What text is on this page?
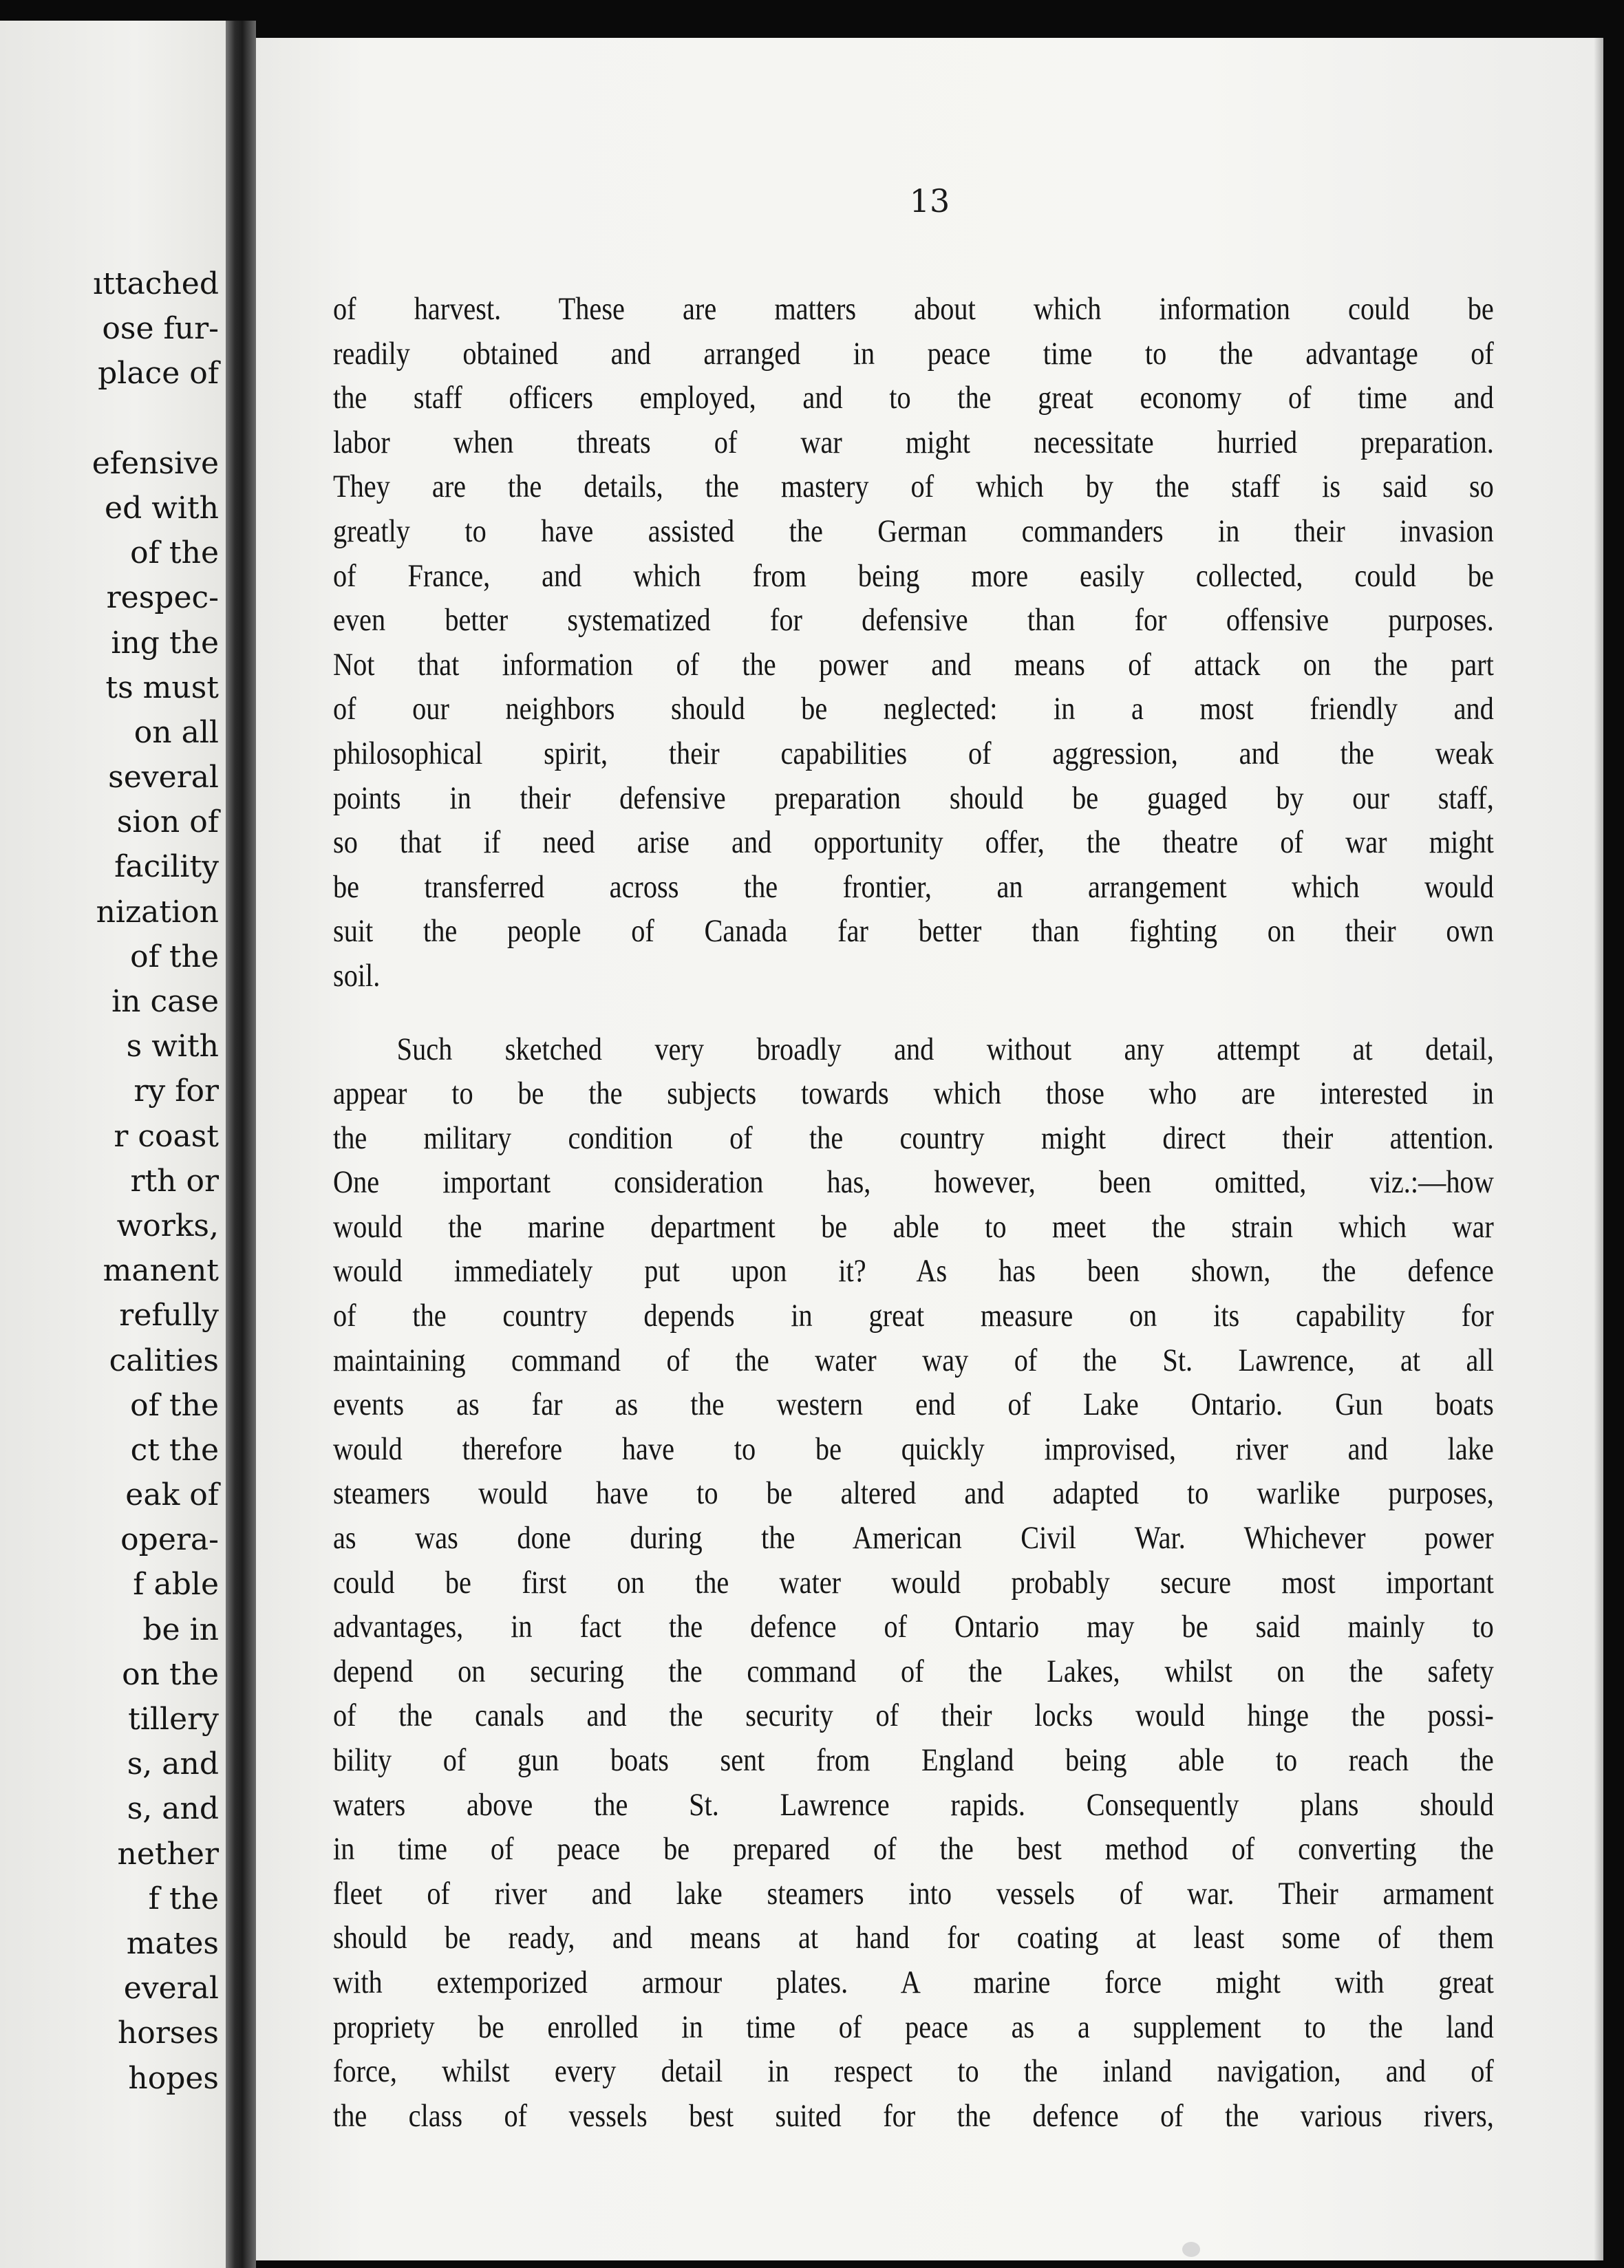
ıttached
ose fur-
place of
efensive
ed with
of the
respec-
ing the
ts must
on all
several
sion of
facility
nization
of the
in case
s with
ry for
r coast
rth or
works,
manent
refully
calities
of the
ct the
eak of
opera-
f able
be in
on the
tillery
s, and
s, and
nether
f the
mates
everal
horses
hopes
13
of harvest. These are matters about which information could be
readily obtained and arranged in peace time to the advantage of
the staff officers employed, and to the great economy of time and
labor when threats of war might necessitate hurried preparation.
They are the details, the mastery of which by the staff is said so
greatly to have assisted the German commanders in their invasion
of France, and which from being more easily collected, could be
even better systematized for defensive than for offensive purposes.
Not that information of the power and means of attack on the part
of our neighbors should be neglected: in a most friendly and
philosophical spirit, their capabilities of aggression, and the weak
points in their defensive preparation should be guaged by our staff,
so that if need arise and opportunity offer, the theatre of war might
be transferred across the frontier, an arrangement which would
suit the people of Canada far better than fighting on their own
soil.
Such sketched very broadly and without any attempt at detail,
appear to be the subjects towards which those who are interested in
the military condition of the country might direct their attention.
One important consideration has, however, been omitted, viz.:—how
would the marine department be able to meet the strain which war
would immediately put upon it? As has been shown, the defence
of the country depends in great measure on its capability for
maintaining command of the water way of the St. Lawrence, at all
events as far as the western end of Lake Ontario. Gun boats
would therefore have to be quickly improvised, river and lake
steamers would have to be altered and adapted to warlike purposes,
as was done during the American Civil War. Whichever power
could be first on the water would probably secure most important
advantages, in fact the defence of Ontario may be said mainly to
depend on securing the command of the Lakes, whilst on the safety
of the canals and the security of their locks would hinge the possi-
bility of gun boats sent from England being able to reach the
waters above the St. Lawrence rapids. Consequently plans should
in time of peace be prepared of the best method of converting the
fleet of river and lake steamers into vessels of war. Their armament
should be ready, and means at hand for coating at least some of them
with extemporized armour plates. A marine force might with great
propriety be enrolled in time of peace as a supplement to the land
force, whilst every detail in respect to the inland navigation, and of
the class of vessels best suited for the defence of the various rivers,
